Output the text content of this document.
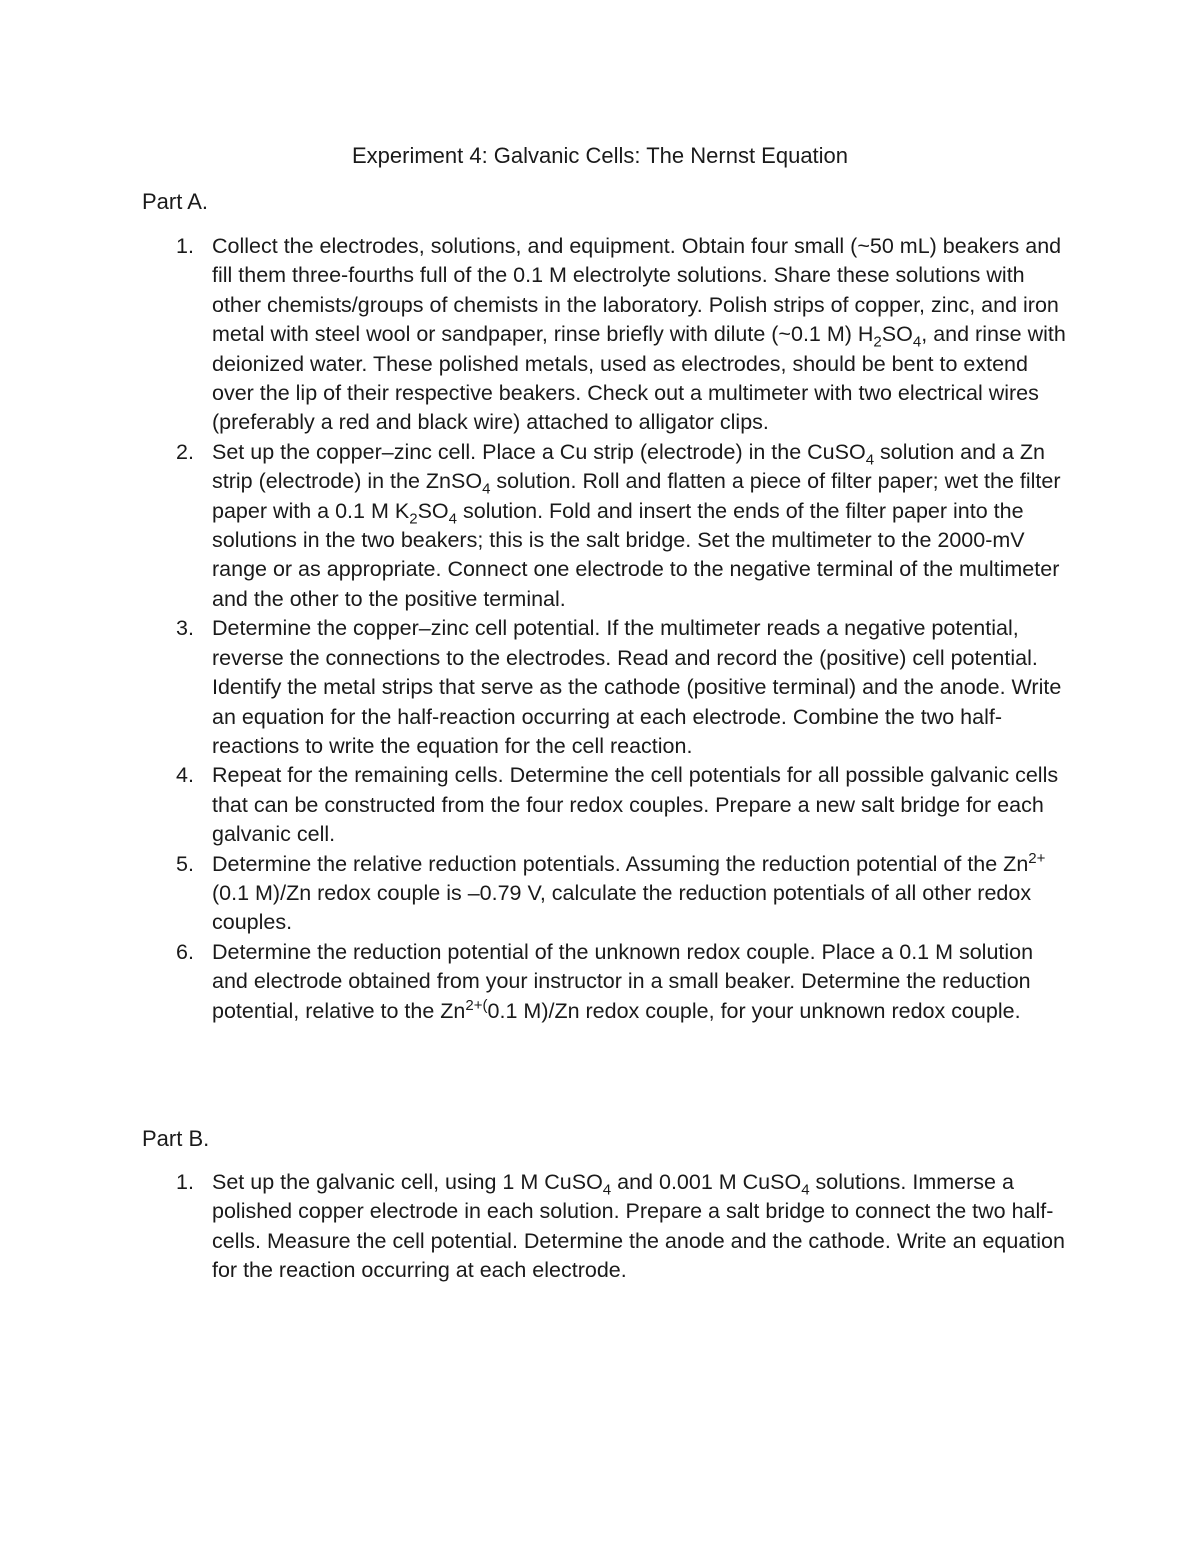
Experiment 4: Galvanic Cells: The Nernst Equation
Part A.
1. Collect the electrodes, solutions, and equipment. Obtain four small (~50 mL) beakers and fill them three-fourths full of the 0.1 M electrolyte solutions. Share these solutions with other chemists/groups of chemists in the laboratory. Polish strips of copper, zinc, and iron metal with steel wool or sandpaper, rinse briefly with dilute (~0.1 M) $H_2SO_4$, and rinse with deionized water. These polished metals, used as electrodes, should be bent to extend over the lip of their respective beakers. Check out a multimeter with two electrical wires (preferably a red and black wire) attached to alligator clips.
2. Set up the copper–zinc cell. Place a Cu strip (electrode) in the CuSO$_4$ solution and a Zn strip (electrode) in the ZnSO$_4$ solution. Roll and flatten a piece of filter paper; wet the filter paper with a 0.1 M $K_2SO_4$ solution. Fold and insert the ends of the filter paper into the solutions in the two beakers; this is the salt bridge. Set the multimeter to the 2000-mV range or as appropriate. Connect one electrode to the negative terminal of the multimeter and the other to the positive terminal.
3. Determine the copper–zinc cell potential. If the multimeter reads a negative potential, reverse the connections to the electrodes. Read and record the (positive) cell potential. Identify the metal strips that serve as the cathode (positive terminal) and the anode. Write an equation for the half-reaction occurring at each electrode. Combine the two half-reactions to write the equation for the cell reaction.
4. Repeat for the remaining cells. Determine the cell potentials for all possible galvanic cells that can be constructed from the four redox couples. Prepare a new salt bridge for each galvanic cell.
5. Determine the relative reduction potentials. Assuming the reduction potential of the $Zn^{2+}(0.1$ M)/Zn redox couple is –0.79 V, calculate the reduction potentials of all other redox couples.
6. Determine the reduction potential of the unknown redox couple. Place a 0.1 M solution and electrode obtained from your instructor in a small beaker. Determine the reduction potential, relative to the $Zn^{2+(}0.1$ M)/Zn redox couple, for your unknown redox couple.
Part B.
1. Set up the galvanic cell, using 1 M CuSO$_4$ and 0.001 M CuSO$_4$ solutions. Immerse a polished copper electrode in each solution. Prepare a salt bridge to connect the two half-cells. Measure the cell potential. Determine the anode and the cathode. Write an equation for the reaction occurring at each electrode.
